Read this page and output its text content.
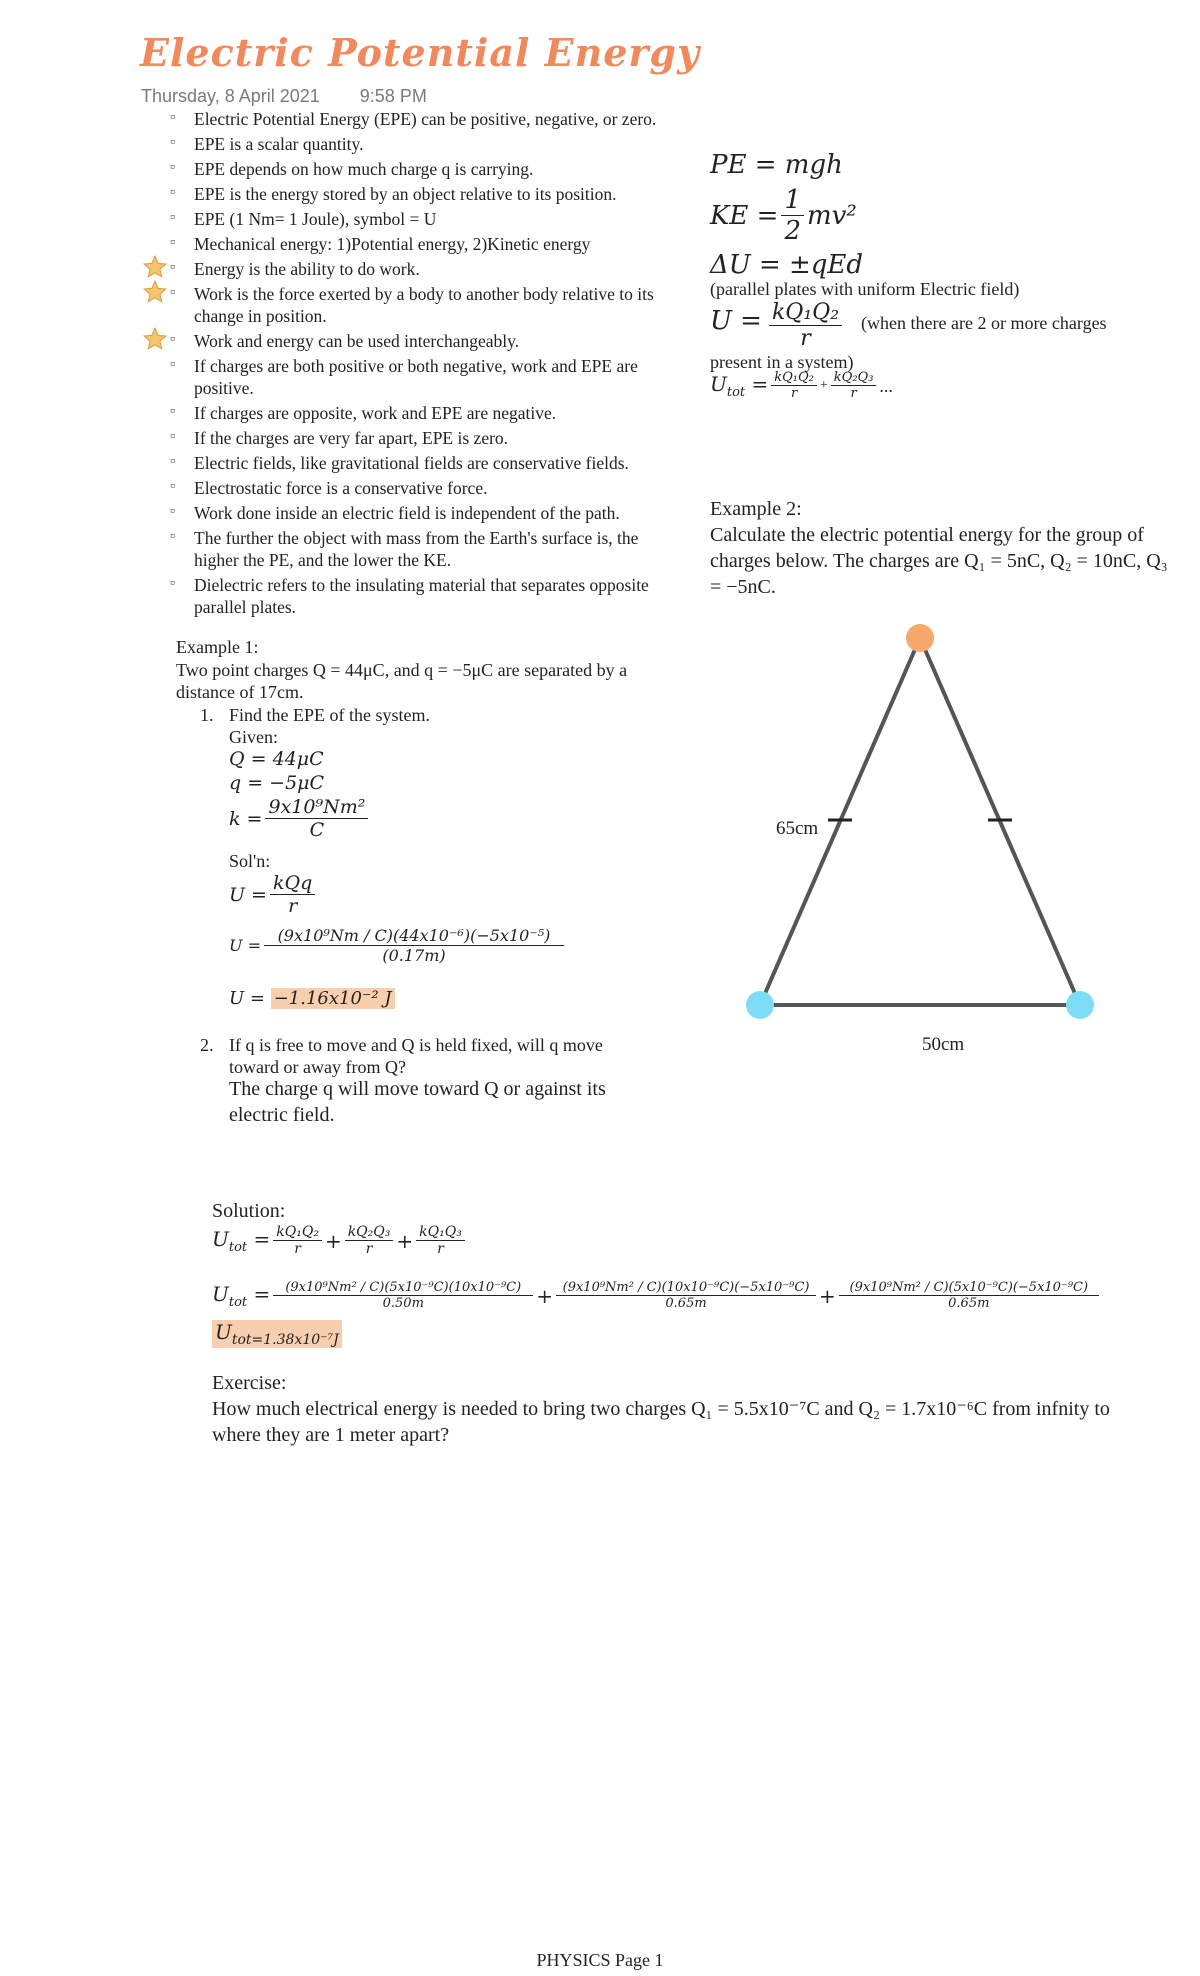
Electric Potential Energy
Thursday, 8 April 2021 9:58 PM
▫ Electric Potential Energy (EPE) can be positive, negative, or zero.
▫ EPE is a scalar quantity.
▫ EPE depends on how much charge q is carrying.
▫ EPE is the energy stored by an object relative to its position.
▫ EPE (1 Nm= 1 Joule), symbol = U
▫ Mechanical energy: 1)Potential energy, 2)Kinetic energy
▫ Energy is the ability to do work.
▫ Work is the force exerted by a body to another body relative to its change in position.
▫ Work and energy can be used interchangeably.
▫ If charges are both positive or both negative, work and EPE are positive.
▫ If charges are opposite, work and EPE are negative.
▫ If the charges are very far apart, EPE is zero.
▫ Electric fields, like gravitational fields are conservative fields.
▫ Electrostatic force is a conservative force.
▫ Work done inside an electric field is independent of the path.
▫ The further the object with mass from the Earth's surface is, the higher the PE, and the lower the KE.
▫ Dielectric refers to the insulating material that separates opposite parallel plates.
PE = mgh
KE = $\frac{1}{2} mv^2$
ΔU = ±qEd
(parallel plates with uniform Electric field)
$U = \frac{\text{kQ₁Q₂}}{r}$ (when there are 2 or more charges present in a system)
$U_{tot} = \frac{\text{kQ₁Q₂}}{r} + \frac{\text{kQ₂Q₃}}{r}$ ...
Example 2:
Calculate the electric potential energy for the group of charges below. The charges are Q₁ = 5nC, Q₂ = 10nC, Q₃ = −5nC.
65cm
50cm
Example 1:
Two point charges Q = 44μC, and q = −5μC are separated by a distance of 17cm.
1. Find the EPE of the system.
Given:
Q = 44μC
q = −5μC
$k = \frac{\text{9x10⁹Nm²}}{C}$
Sol'n:
$U = \frac{\text{kQq}}{r}$
$U = \frac{\text{(9x10⁹Nm / C)(44x10⁻⁶)(−5x10⁻⁵)}}{(0.17m)}$
U = −1.16x10⁻² J
2. If q is free to move and Q is held fixed, will q move toward or away from Q?
The charge q will move toward Q or against its electric field.
Solution:
$U_{tot} = \frac{\text{kQ₁Q₂}}{r} + \frac{\text{kQ₂Q₃}}{r} + \frac{\text{kQ₁Q₃}}{r}$
$U_{tot} = \frac{\text{(9x10⁹Nm² / C)(5x10⁻⁹C)(10x10⁻⁹C)}}{0.50m} + \frac{\text{(9x10⁹Nm² / C)(10x10⁻⁹C)(−5x10⁻⁹C)}}{0.65m} + \frac{\text{(9x10⁹Nm² / C)(5x10⁻⁹C)(−5x10⁻⁹C)}}{0.65m}$
$U_{tot=1.38x10^{-7}J}$
Exercise:
How much electrical energy is needed to bring two charges Q₁ = 5.5x10⁻⁷C and Q₂ = 1.7x10⁻⁶C from infnity to where they are 1 meter apart?
PHYSICS Page 1
